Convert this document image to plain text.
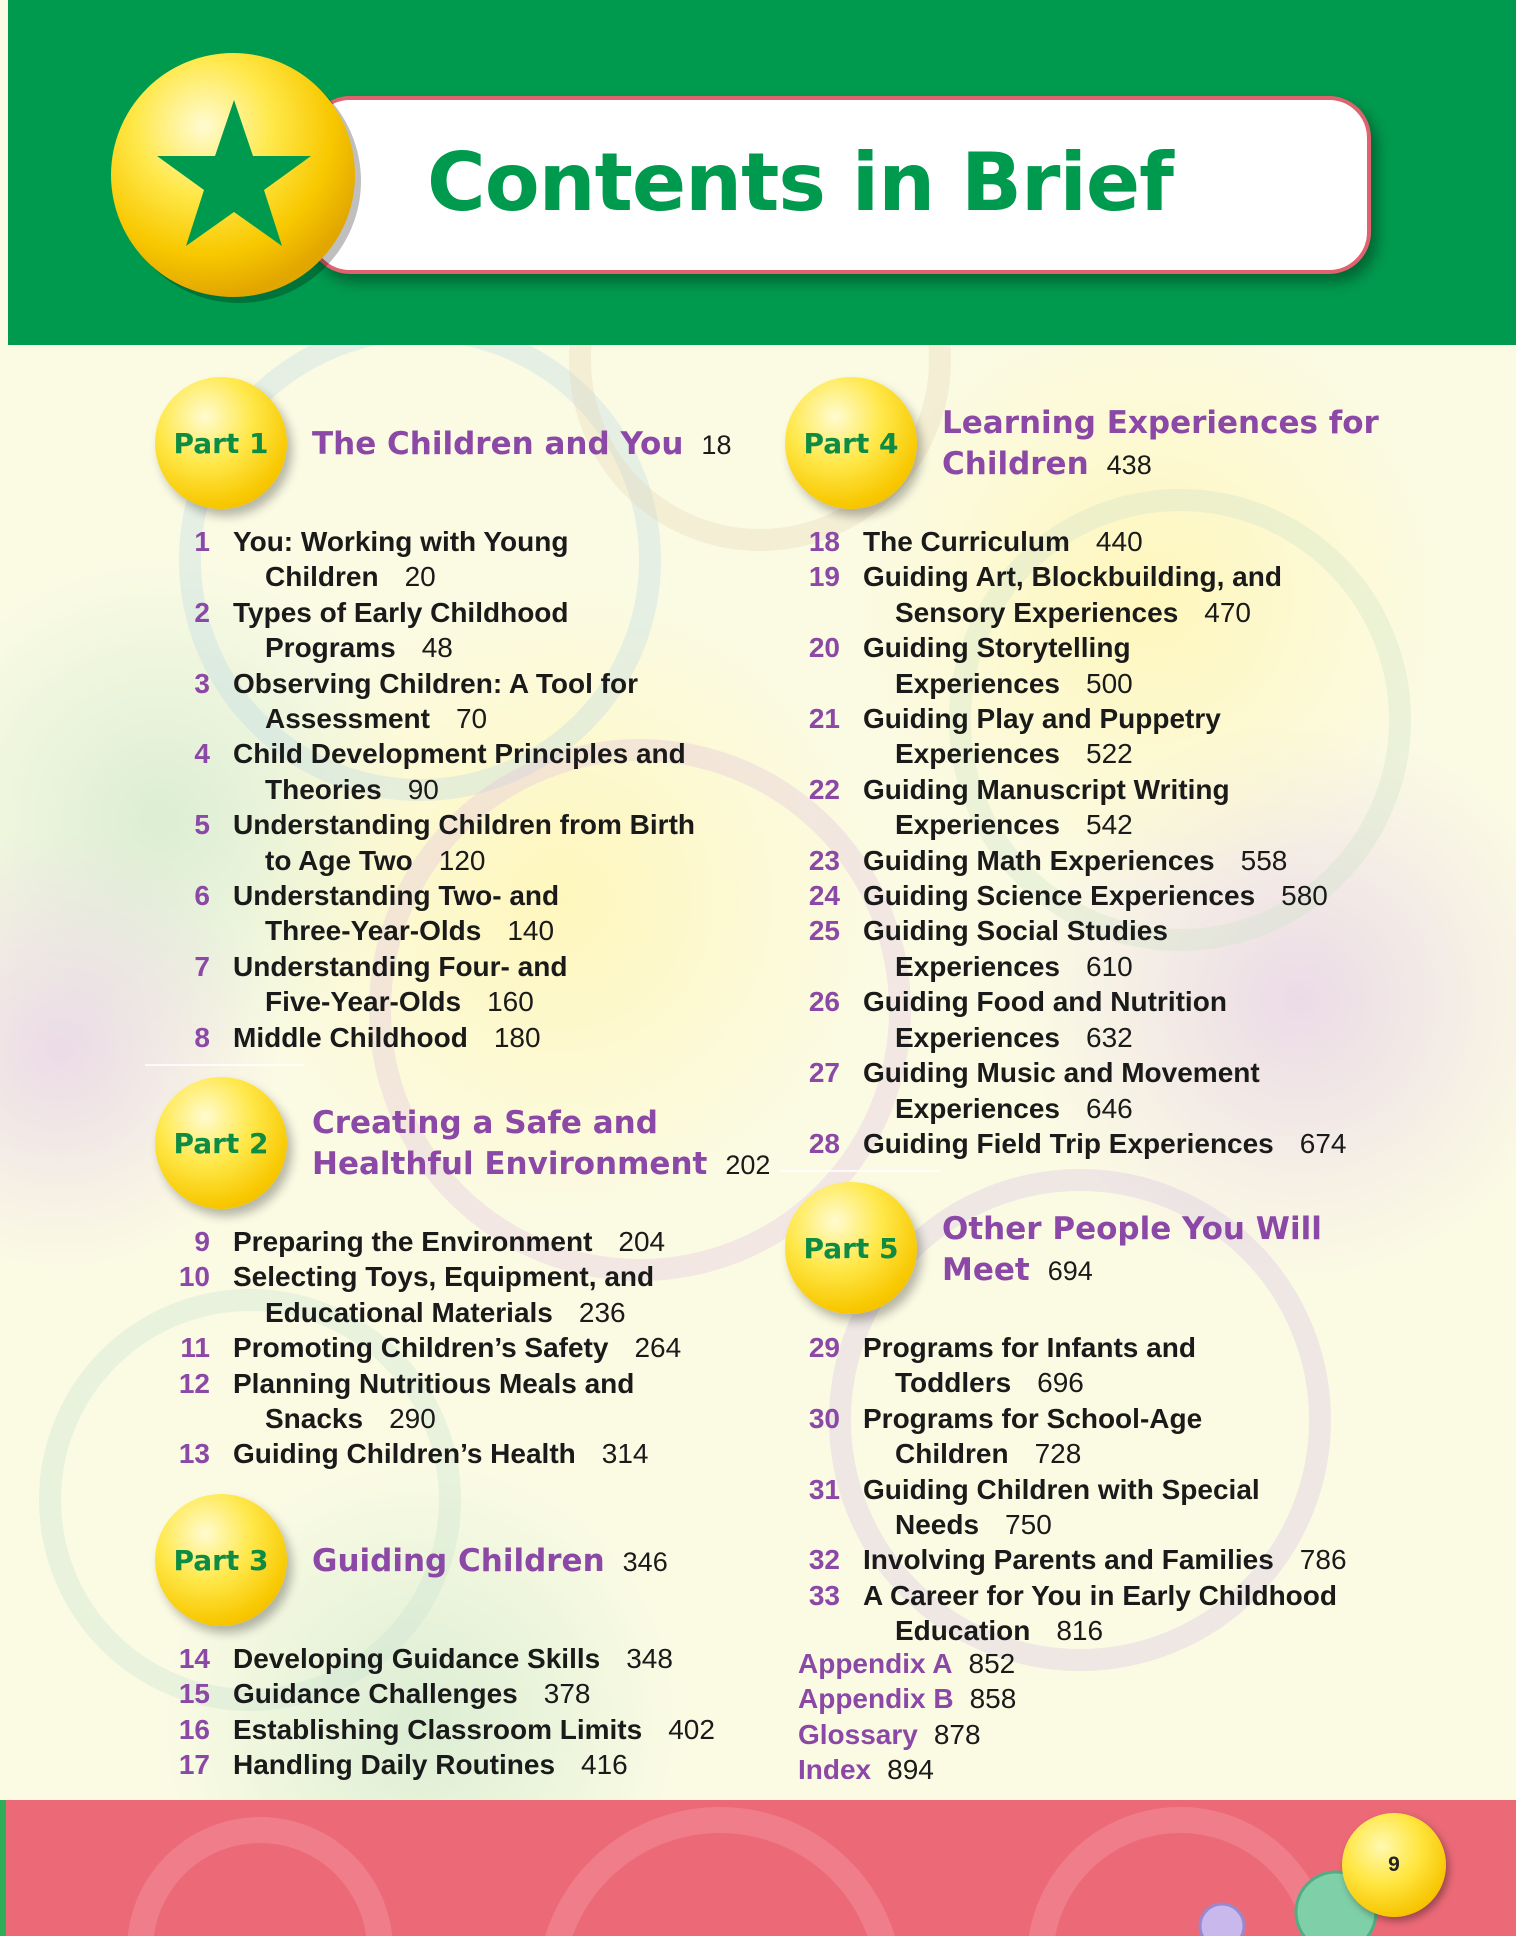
Contents in Brief
Part 1
Part 2
Part 3
Part 4
Part 5
The Children and You 18
Creating a Safe and
Healthful Environment 202
Guiding Children 346
Learning Experiences for
Children 438
Other People You Will
Meet 694
1 You: Working with Young
Children 20
2 Types of Early Childhood
Programs 48
3 Observing Children: A Tool for
Assessment 70
4 Child Development Principles and
Theories 90
5 Understanding Children from Birth
to Age Two 120
6 Understanding Two- and
Three-Year-Olds 140
7 Understanding Four- and
Five-Year-Olds 160
8 Middle Childhood 180
9 Preparing the Environment 204
10 Selecting Toys, Equipment, and
Educational Materials 236
11 Promoting Children’s Safety 264
12 Planning Nutritious Meals and
Snacks 290
13 Guiding Children’s Health 314
14 Developing Guidance Skills 348
15 Guidance Challenges 378
16 Establishing Classroom Limits 402
17 Handling Daily Routines 416
18 The Curriculum 440
19 Guiding Art, Blockbuilding, and
Sensory Experiences 470
20 Guiding Storytelling
Experiences 500
21 Guiding Play and Puppetry
Experiences 522
22 Guiding Manuscript Writing
Experiences 542
23 Guiding Math Experiences 558
24 Guiding Science Experiences 580
25 Guiding Social Studies
Experiences 610
26 Guiding Food and Nutrition
Experiences 632
27 Guiding Music and Movement
Experiences 646
28 Guiding Field Trip Experiences 674
29 Programs for Infants and
Toddlers 696
30 Programs for School-Age
Children 728
31 Guiding Children with Special
Needs 750
32 Involving Parents and Families 786
33 A Career for You in Early Childhood
Education 816
Appendix A 852
Appendix B 858
Glossary 878
Index 894
9
